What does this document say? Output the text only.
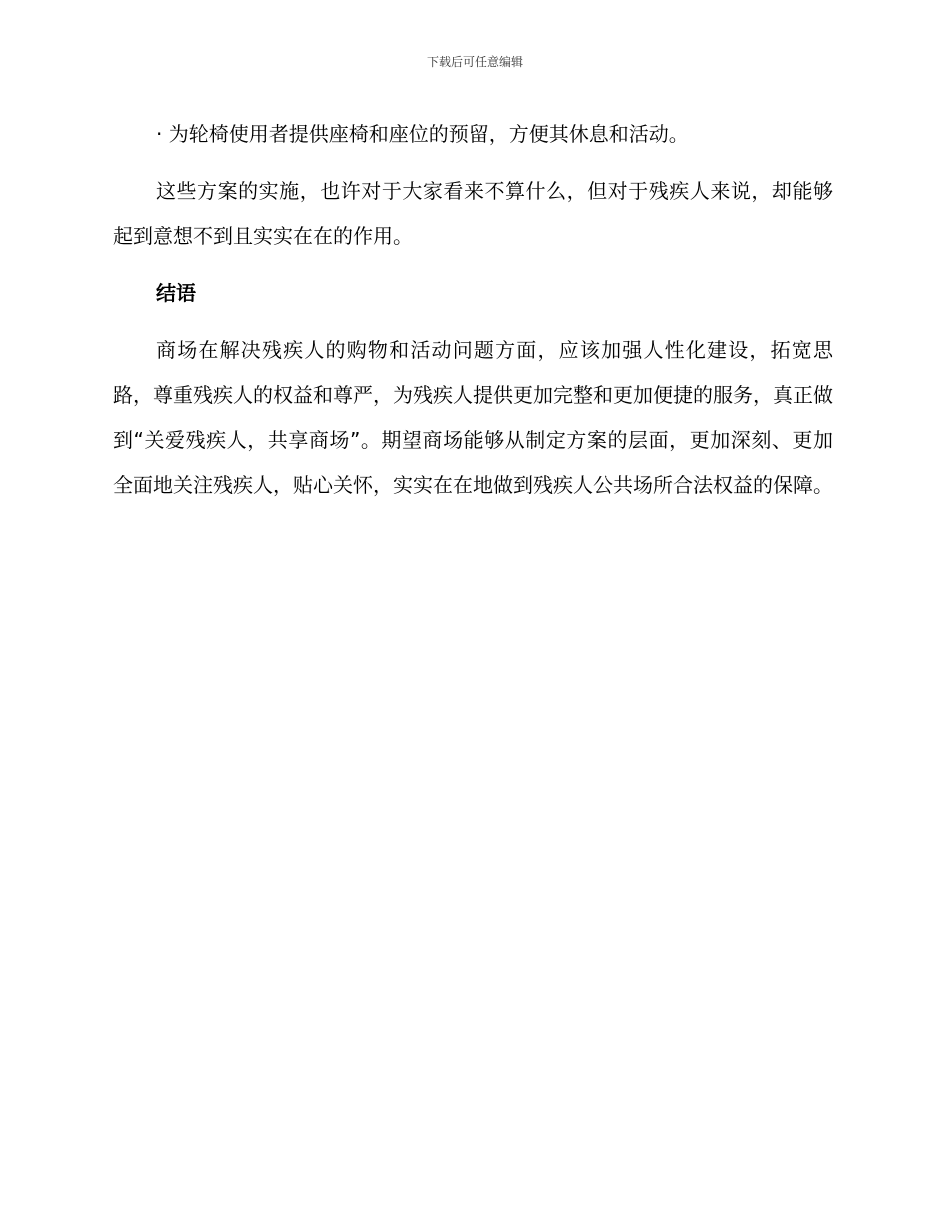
下载后可任意编辑

· 为轮椅使用者提供座椅和座位的预留，方便其休息和活动。

这些方案的实施，也许对于大家看来不算什么，但对于残疾人来说，却能够起到意想不到且实实在在的作用。

结语

商场在解决残疾人的购物和活动问题方面，应该加强人性化建设，拓宽思路，尊重残疾人的权益和尊严，为残疾人提供更加完整和更加便捷的服务，真正做到“关爱残疾人，共享商场”。期望商场能够从制定方案的层面，更加深刻、更加全面地关注残疾人，贴心关怀，实实在在地做到残疾人公共场所合法权益的保障。
